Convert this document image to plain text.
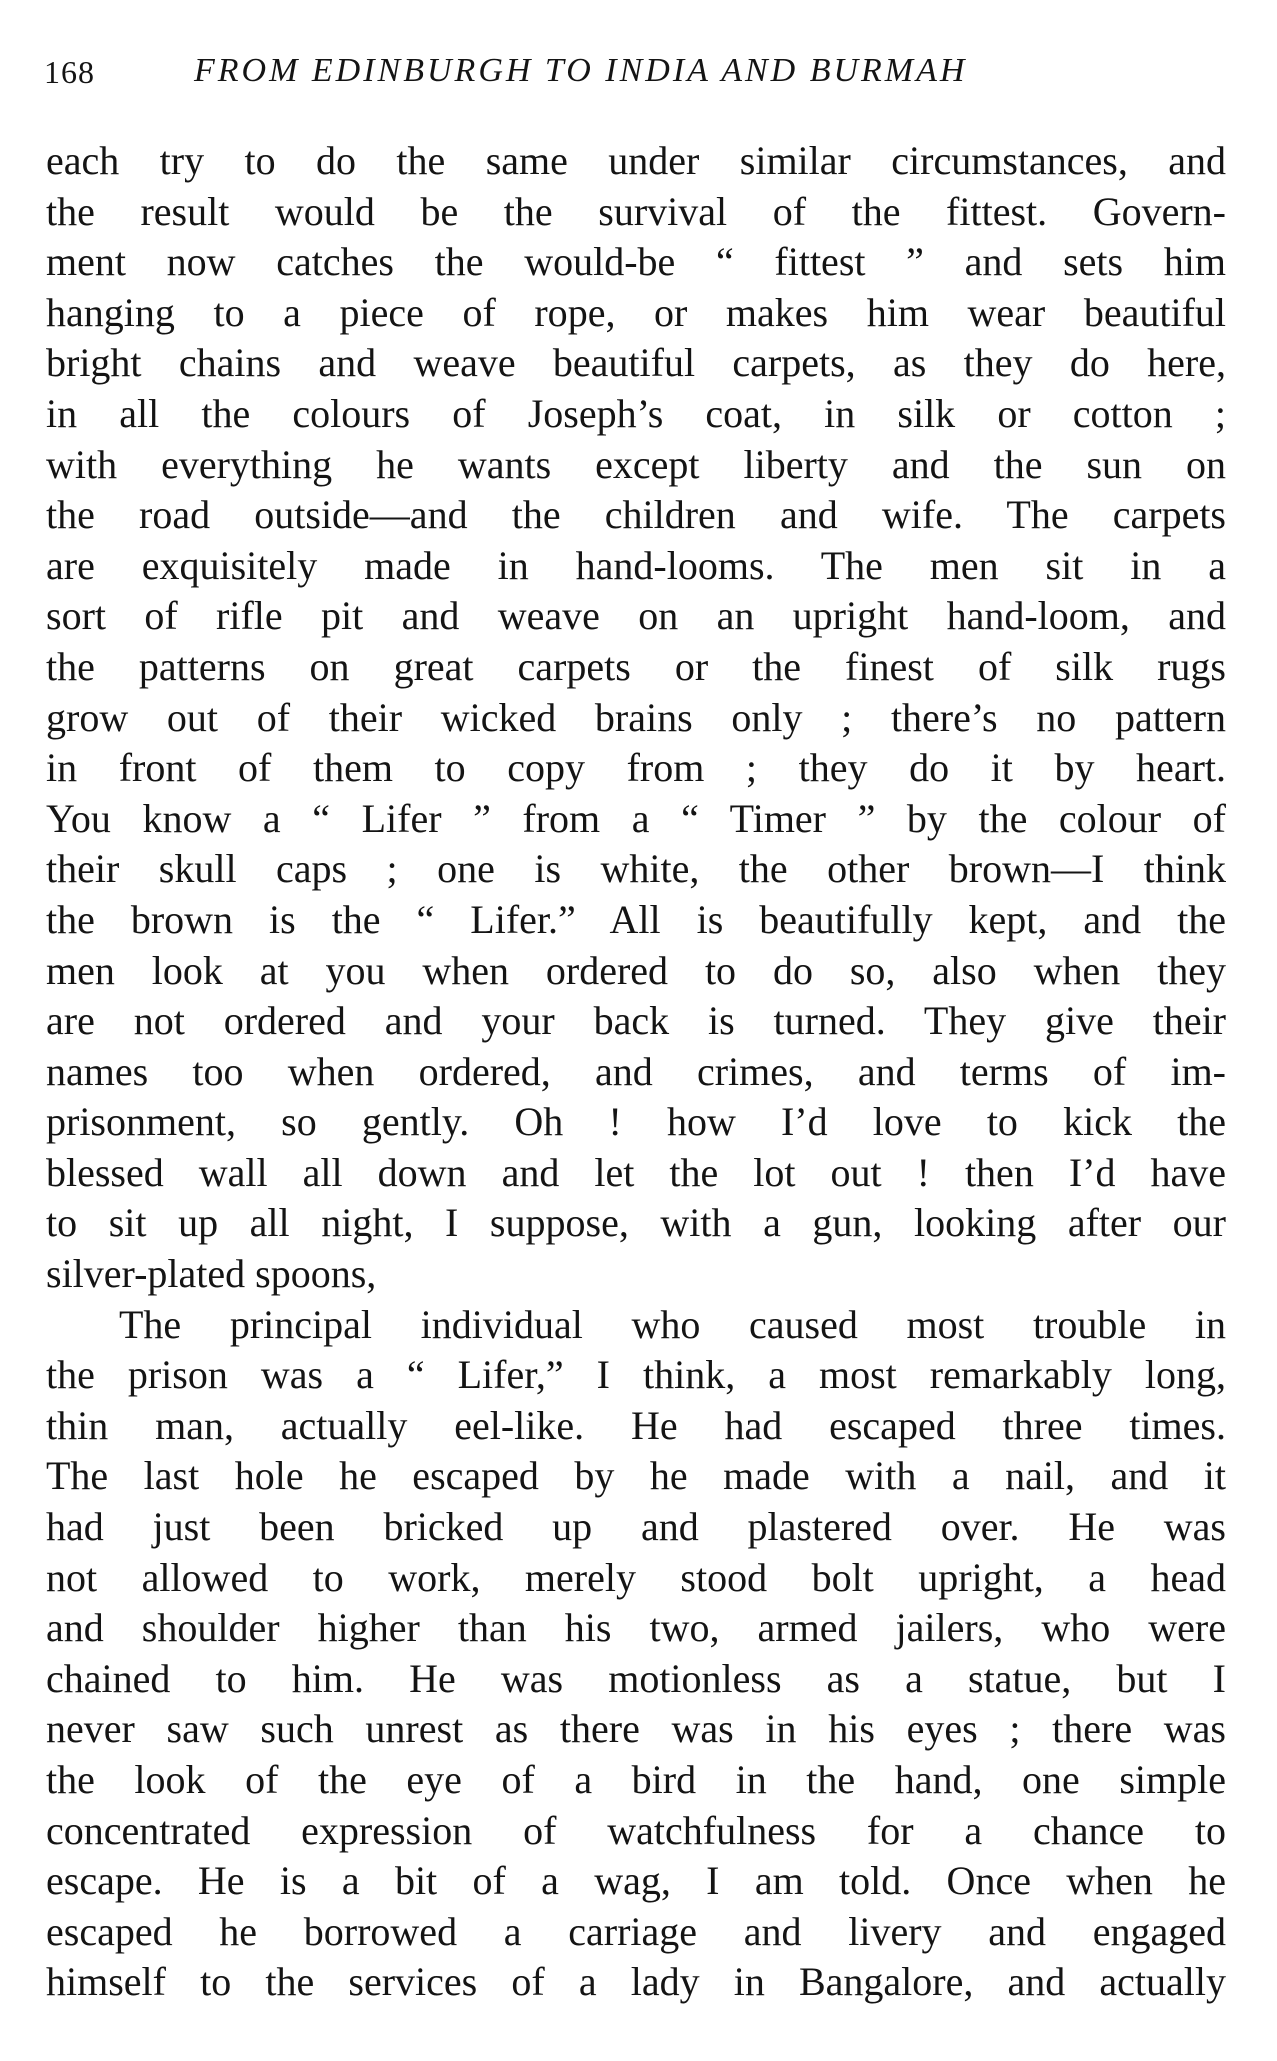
168	FROM EDINBURGH TO INDIA AND BURMAH
each try to do the same under similar circumstances, and
the result would be the survival of the fittest. Govern-
ment now catches the would-be “ fittest ” and sets him
hanging to a piece of rope, or makes him wear beautiful
bright chains and weave beautiful carpets, as they do here,
in all the colours of Joseph’s coat, in silk or cotton ;
with everything he wants except liberty and the sun on
the road outside—and the children and wife. The carpets
are exquisitely made in hand-looms. The men sit in a
sort of rifle pit and weave on an upright hand-loom, and
the patterns on great carpets or the finest of silk rugs
grow out of their wicked brains only ; there’s no pattern
in front of them to copy from ; they do it by heart.
You know a “ Lifer ” from a “ Timer ” by the colour of
their skull caps ; one is white, the other brown—I think
the brown is the “ Lifer.” All is beautifully kept, and the
men look at you when ordered to do so, also when they
are not ordered and your back is turned. They give their
names too when ordered, and crimes, and terms of im-
prisonment, so gently. Oh ! how I’d love to kick the
blessed wall all down and let the lot out ! then I’d have
to sit up all night, I suppose, with a gun, looking after our
silver-plated spoons,
The principal individual who caused most trouble in
the prison was a “ Lifer,” I think, a most remarkably long,
thin man, actually eel-like. He had escaped three times.
The last hole he escaped by he made with a nail, and it
had just been bricked up and plastered over. He was
not allowed to work, merely stood bolt upright, a head
and shoulder higher than his two, armed jailers, who were
chained to him. He was motionless as a statue, but I
never saw such unrest as there was in his eyes ; there was
the look of the eye of a bird in the hand, one simple
concentrated expression of watchfulness for a chance to
escape. He is a bit of a wag, I am told. Once when he
escaped he borrowed a carriage and livery and engaged
himself to the services of a lady in Bangalore, and actually
